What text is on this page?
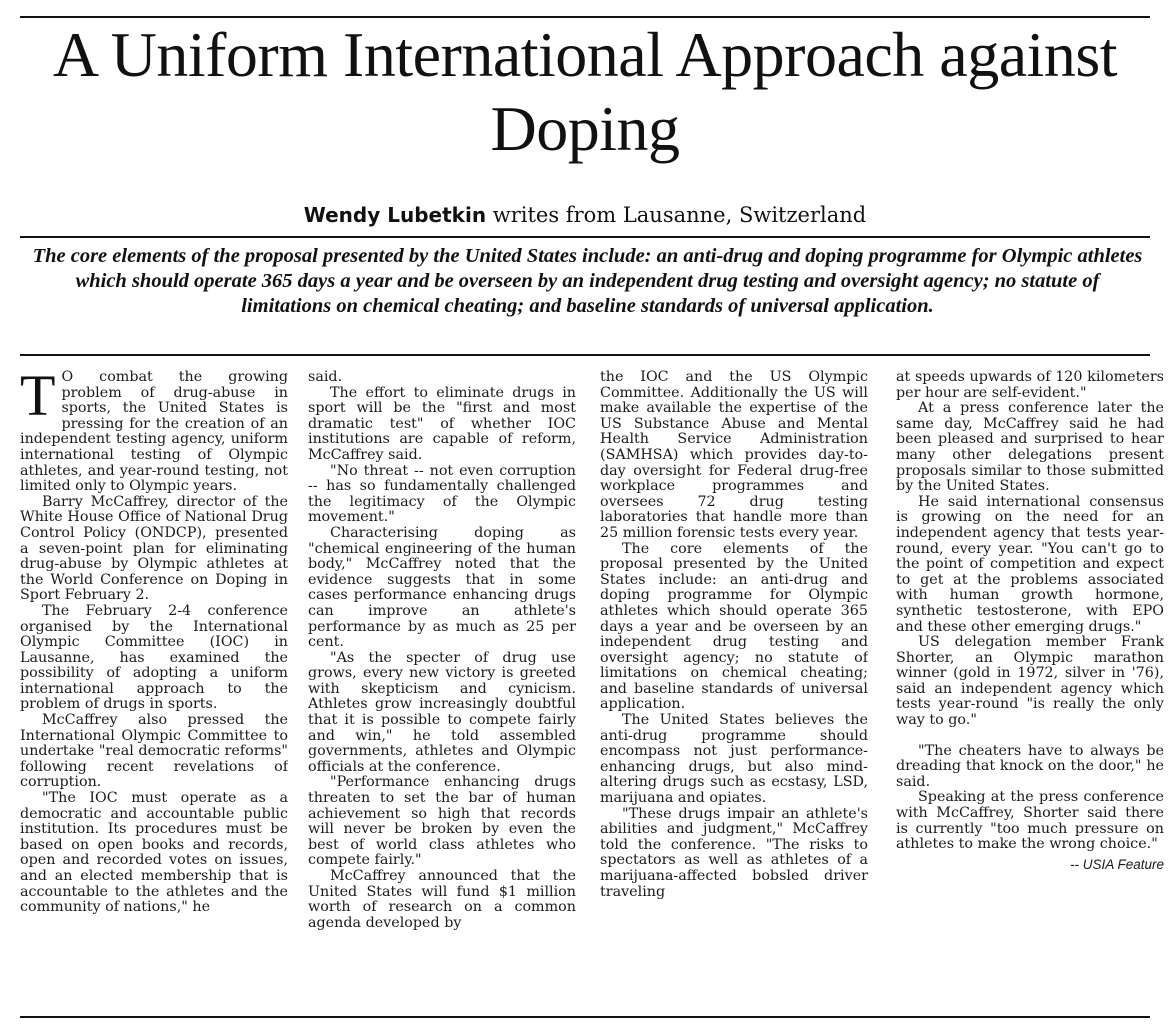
A Uniform International Approach against Doping
Wendy Lubetkin writes from Lausanne, Switzerland

The core elements of the proposal presented by the United States include: an anti-drug and doping programme for Olympic athletes which should operate 365 days a year and be overseen by an independent drug testing and oversight agency; no statute of limitations on chemical cheating; and baseline standards of universal application.

T O combat the growing problem of drug-abuse in sports, the United States is pressing for the creation of an independent testing agency, uniform international testing of Olympic athletes, and year-round testing, not limited only to Olympic years.

Barry McCaffrey, director of the White House Office of National Drug Control Policy (ONDCP), presented a seven-point plan for eliminating drug-abuse by Olympic athletes at the World Conference on Doping in Sport February 2.

The February 2-4 conference organised by the International Olympic Committee (IOC) in Lausanne, has examined the possibility of adopting a uniform international approach to the problem of drugs in sports.

McCaffrey also pressed the International Olympic Committee to undertake "real democratic reforms" following recent revelations of corruption.

"The IOC must operate as a democratic and accountable public institution. Its procedures must be based on open books and records, open and recorded votes on issues, and an elected membership that is accountable to the athletes and the community of nations," he

said.

The effort to eliminate drugs in sport will be the "first and most dramatic test" of whether IOC institutions are capable of reform, McCaffrey said.

"No threat -- not even corruption -- has so fundamentally challenged the legitimacy of the Olympic movement."

Characterising doping as "chemical engineering of the human body," McCaffrey noted that the evidence suggests that in some cases performance enhancing drugs can improve an athlete's performance by as much as 25 per cent.

"As the specter of drug use grows, every new victory is greeted with skepticism and cynicism. Athletes grow increasingly doubtful that it is possible to compete fairly and win," he told assembled governments, athletes and Olympic officials at the conference.

"Performance enhancing drugs threaten to set the bar of human achievement so high that records will never be broken by even the best of world class athletes who compete fairly."

McCaffrey announced that the United States will fund $1 million worth of research on a common agenda developed by

the IOC and the US Olympic Committee. Additionally the US will make available the expertise of the US Substance Abuse and Mental Health Service Administration (SAMHSA) which provides day-to-day oversight for Federal drug-free workplace programmes and oversees 72 drug testing laboratories that handle more than 25 million forensic tests every year.

The core elements of the proposal presented by the United States include: an anti-drug and doping programme for Olympic athletes which should operate 365 days a year and be overseen by an independent drug testing and oversight agency; no statute of limitations on chemical cheating; and baseline standards of universal application.

The United States believes the anti-drug programme should encompass not just performance-enhancing drugs, but also mind-altering drugs such as ecstasy, LSD, marijuana and opiates.

"These drugs impair an athlete's abilities and judgment," McCaffrey told the conference. "The risks to spectators as well as athletes of a marijuana-affected bobsled driver traveling

at speeds upwards of 120 kilometers per hour are self-evident."

At a press conference later the same day, McCaffrey said he had been pleased and surprised to hear many other delegations present proposals similar to those submitted by the United States.

He said international consensus is growing on the need for an independent agency that tests year-round, every year. "You can't go to the point of competition and expect to get at the problems associated with human growth hormone, synthetic testosterone, with EPO and these other emerging drugs."

US delegation member Frank Shorter, an Olympic marathon winner (gold in 1972, silver in '76), said an independent agency which tests year-round "is really the only way to go."

"The cheaters have to always be dreading that knock on the door," he said.

Speaking at the press conference with McCaffrey, Shorter said there is currently "too much pressure on athletes to make the wrong choice."

-- USIA Feature
